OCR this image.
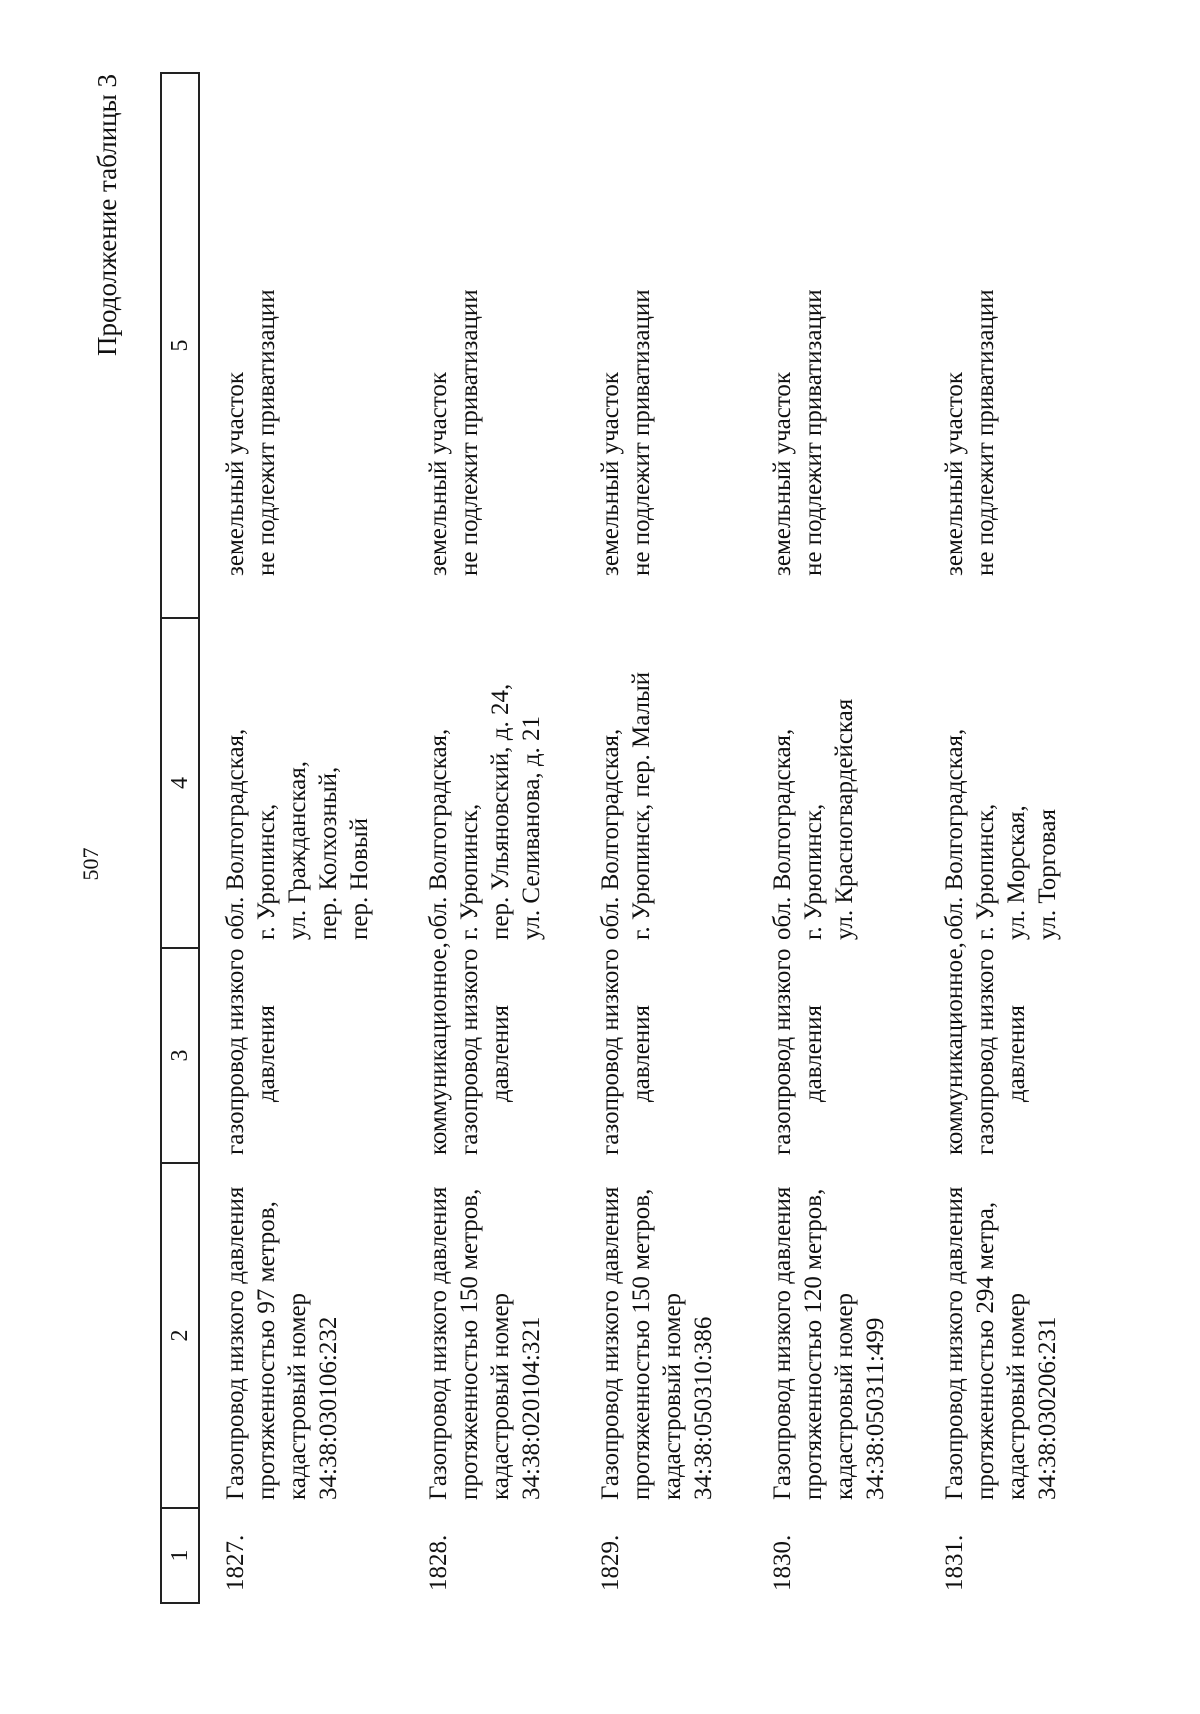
507
Продолжение таблицы 3
1	2	3	4	5
1827.	Газопровод низкого давления протяженностью 97 метров, кадастровый номер 34:38:030106:232	газопровод низкого давления	обл. Волгоградская, г. Урюпинск, ул. Гражданская, пер. Колхозный, пер. Новый	земельный участок не подлежит приватизации

1828.	Газопровод низкого давления протяженностью 150 метров, кадастровый номер 34:38:020104:321	коммуникационное, газопровод низкого давления	обл. Волгоградская, г. Урюпинск, пер. Ульяновский, д. 24, ул. Селиванова, д. 21	земельный участок не подлежит приватизации

1829.	Газопровод низкого давления протяженностью 150 метров, кадастровый номер 34:38:050310:386	газопровод низкого давления	обл. Волгоградская, г. Урюпинск, пер. Малый	земельный участок не подлежит приватизации

1830.	Газопровод низкого давления протяженностью 120 метров, кадастровый номер 34:38:050311:499	газопровод низкого давления	обл. Волгоградская, г. Урюпинск, ул. Красногвардейская	земельный участок не подлежит приватизации

1831.	Газопровод низкого давления протяженностью 294 метра, кадастровый номер 34:38:030206:231	коммуникационное, газопровод низкого давления	обл. Волгоградская, г. Урюпинск, ул. Морская, ул. Торговая	земельный участок не подлежит приватизации
